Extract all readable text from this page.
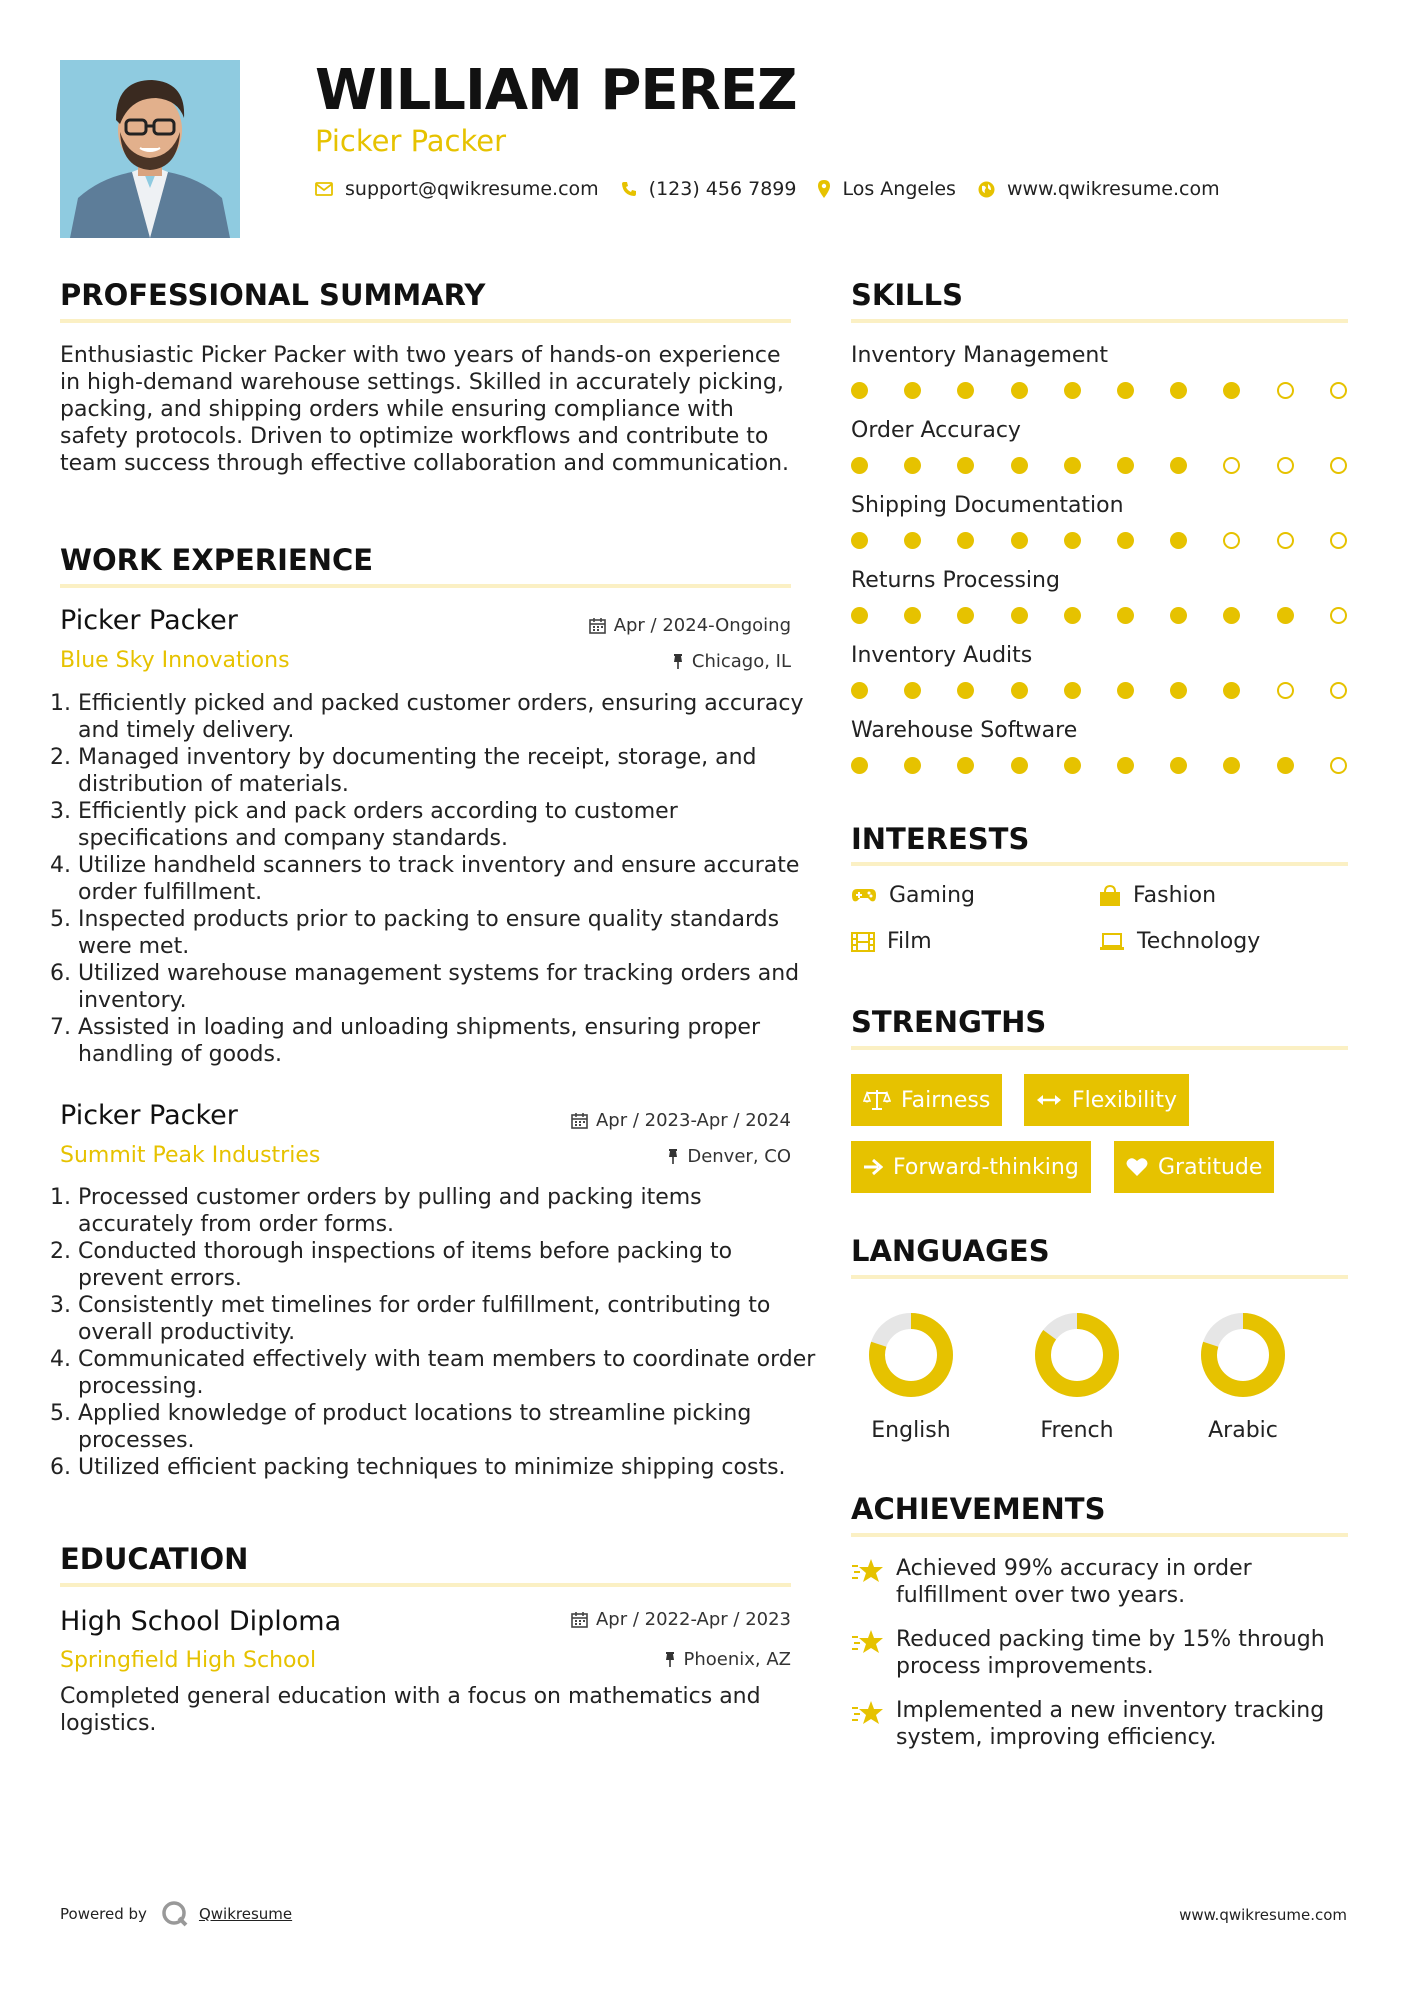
WILLIAM PEREZ
Picker Packer
support@qwikresume.com	(123) 456 7899 Los Angeles	www.qwikresume.com
PROFESSIONAL SUMMARY
Enthusiastic Picker Packer with two years of hands-on experience in high-demand warehouse settings. Skilled in accurately picking, packing, and shipping orders while ensuring compliance with safety protocols. Driven to optimize workflows and contribute to team success through effective collaboration and communication.
WORK EXPERIENCE
Picker Packer	Apr / 2024-Ongoing
Blue Sky Innovations	Chicago, IL
1. Efficiently picked and packed customer orders, ensuring accuracy and timely delivery.
2. Managed inventory by documenting the receipt, storage, and distribution of materials.
3. Efficiently pick and pack orders according to customer specifications and company standards.
4. Utilize handheld scanners to track inventory and ensure accurate order fulfillment.
5. Inspected products prior to packing to ensure quality standards were met.
6. Utilized warehouse management systems for tracking orders and inventory.
7. Assisted in loading and unloading shipments, ensuring proper handling of goods.
Picker Packer	Apr / 2023-Apr / 2024
Summit Peak Industries	Denver, CO
1. Processed customer orders by pulling and packing items accurately from order forms.
2. Conducted thorough inspections of items before packing to prevent errors.
3. Consistently met timelines for order fulfillment, contributing to overall productivity.
4. Communicated effectively with team members to coordinate order processing.
5. Applied knowledge of product locations to streamline picking processes.
6. Utilized efficient packing techniques to minimize shipping costs.
EDUCATION
High School Diploma	Apr / 2022-Apr / 2023
Springfield High School	Phoenix, AZ
Completed general education with a focus on mathematics and logistics.
SKILLS
Inventory Management
Order Accuracy
Shipping Documentation
Returns Processing
Inventory Audits
Warehouse Software
INTERESTS
Gaming	Fashion
Film	Technology
STRENGTHS
Fairness	Flexibility
Forward-thinking	Gratitude
LANGUAGES
English	French	Arabic
ACHIEVEMENTS
Achieved 99% accuracy in order fulfillment over two years.
Reduced packing time by 15% through process improvements.
Implemented a new inventory tracking system, improving efficiency.
Powered by	Qwikresume	www.qwikresume.com
